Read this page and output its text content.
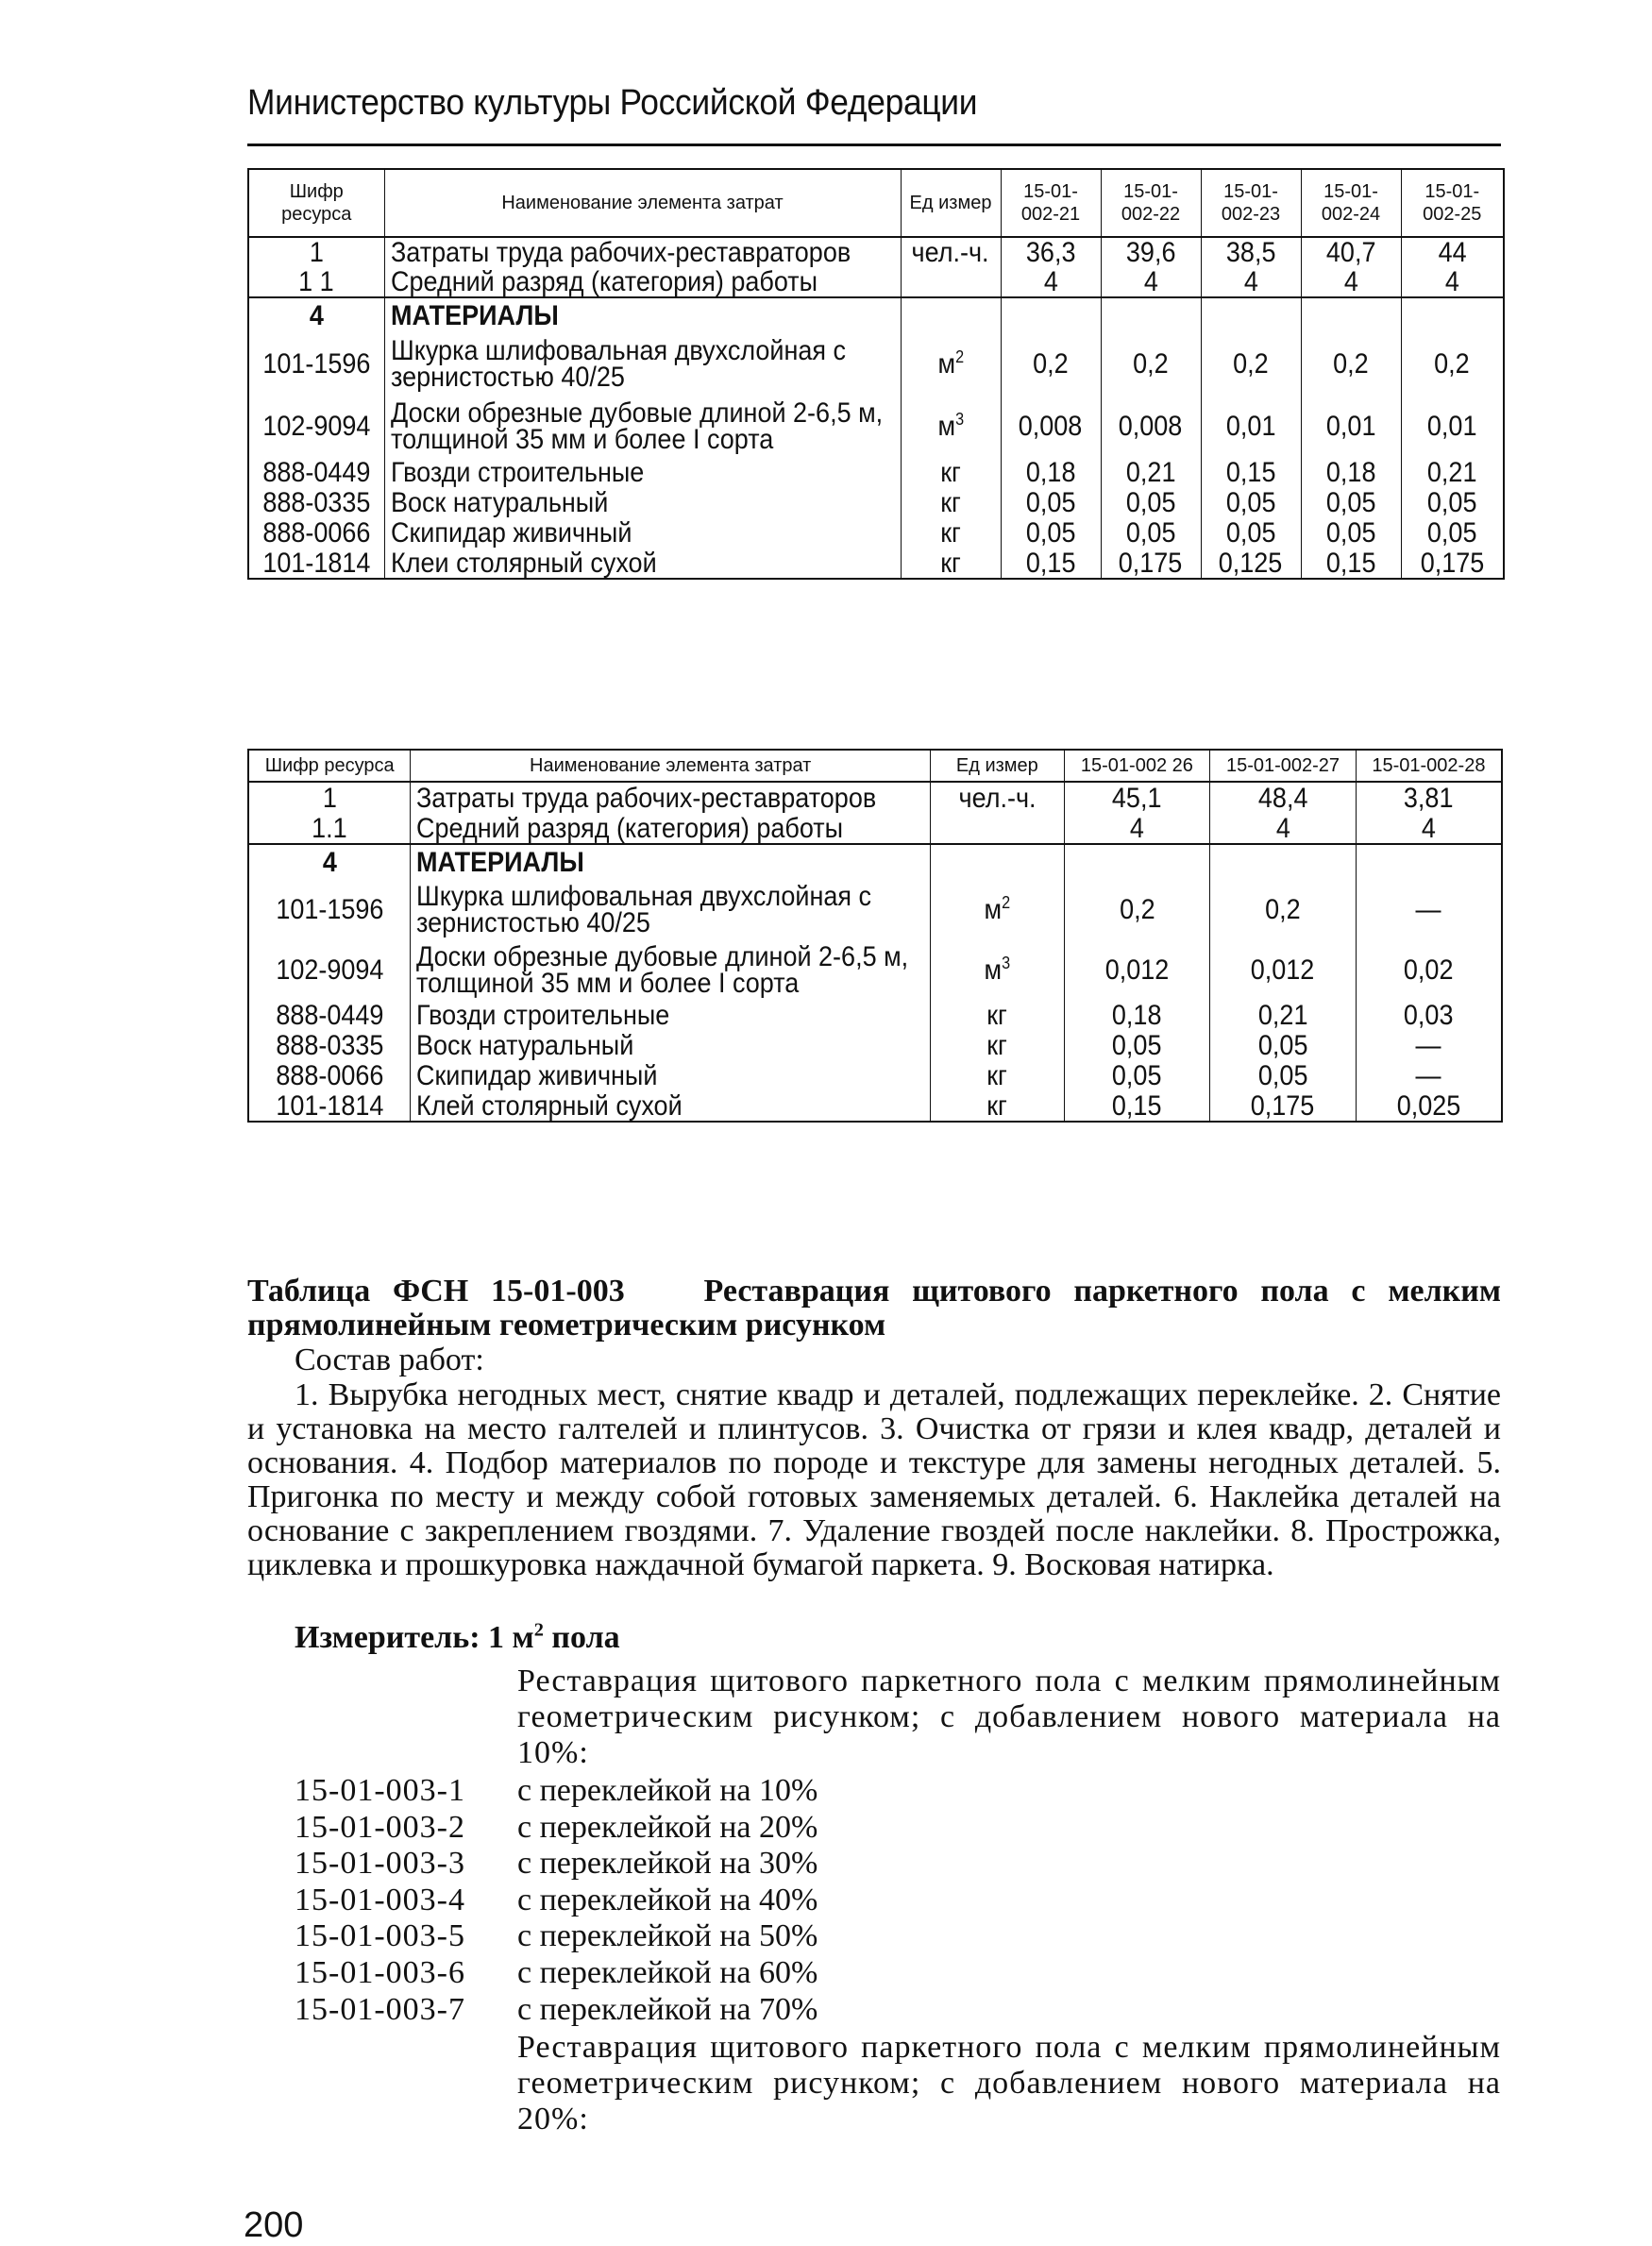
Министерство культуры Российской Федерации
Шифр ресурса	Наименование элемента затрат	Ед измер	15-01-002-21	15-01-002-22	15-01-002-23	15-01-002-24	15-01-002-25
1	Затраты труда рабочих-реставраторов	чел.-ч.	36,3	39,6	38,5	40,7	44
1 1	Средний разряд (категория) работы		4	4	4	4	4
4	МАТЕРИАЛЫ						
101-1596	Шкурка шлифовальная двухслойная с зернистостью 40/25	$м^2$	0,2	0,2	0,2	0,2	0,2
102-9094	Доски обрезные дубовые длиной 2-6,5 м, толщиной 35 мм и более I сорта	$м^3$	0,008	0,008	0,01	0,01	0,01
888-0449	Гвозди строительные	кг	0,18	0,21	0,15	0,18	0,21
888-0335	Воск натуральный	кг	0,05	0,05	0,05	0,05	0,05
888-0066	Скипидар живичный	кг	0,05	0,05	0,05	0,05	0,05
101-1814	Клеи столярный сухой	кг	0,15	0,175	0,125	0,15	0,175
Шифр ресурса	Наименование элемента затрат	Ед измер	15-01-002 26	15-01-002-27	15-01-002-28
1	Затраты труда рабочих-реставраторов	чел.-ч.	45,1	48,4	3,81
1.1	Средний разряд (категория) работы		4	4	4
4	МАТЕРИАЛЫ				
101-1596	Шкурка шлифовальная двухслойная с зернистостью 40/25	$м^2$	0,2	0,2	—
102-9094	Доски обрезные дубовые длиной 2-6,5 м, толщиной 35 мм и более I сорта	$м^3$	0,012	0,012	0,02
888-0449	Гвозди строительные	кг	0,18	0,21	0,03
888-0335	Воск натуральный	кг	0,05	0,05	—
888-0066	Скипидар живичный	кг	0,05	0,05	—
101-1814	Клей столярный сухой	кг	0,15	0,175	0,025
Таблица ФСН 15-01-003 Реставрация щитового паркетного пола с мелким прямолинейным геометрическим рисунком
Состав работ:
1. Вырубка негодных мест, снятие квадр и деталей, подлежащих переклейке. 2. Снятие и установка на место галтелей и плинтусов. 3. Очистка от грязи и клея квадр, деталей и основания. 4. Подбор материалов по породе и текстуре для замены негодных деталей. 5. Пригонка по месту и между собой готовых заменяемых деталей. 6. Наклейка деталей на основание с закреплением гвоздями. 7. Удаление гвоздей после наклейки. 8. Прострожка, циклевка и прошкуровка наждачной бумагой паркета. 9. Восковая натирка.
Измеритель: 1 $м^2$ пола
Реставрация щитового паркетного пола с мелким прямолинейным геометрическим рисунком; с добавлением нового материала на 10%:
15-01-003-1	с переклейкой на 10%
15-01-003-2	с переклейкой на 20%
15-01-003-3	с переклейкой на 30%
15-01-003-4	с переклейкой на 40%
15-01-003-5	с переклейкой на 50%
15-01-003-6	с переклейкой на 60%
15-01-003-7	с переклейкой на 70%
Реставрация щитового паркетного пола с мелким прямолинейным геометрическим рисунком; с добавлением нового материала на 20%:
200
